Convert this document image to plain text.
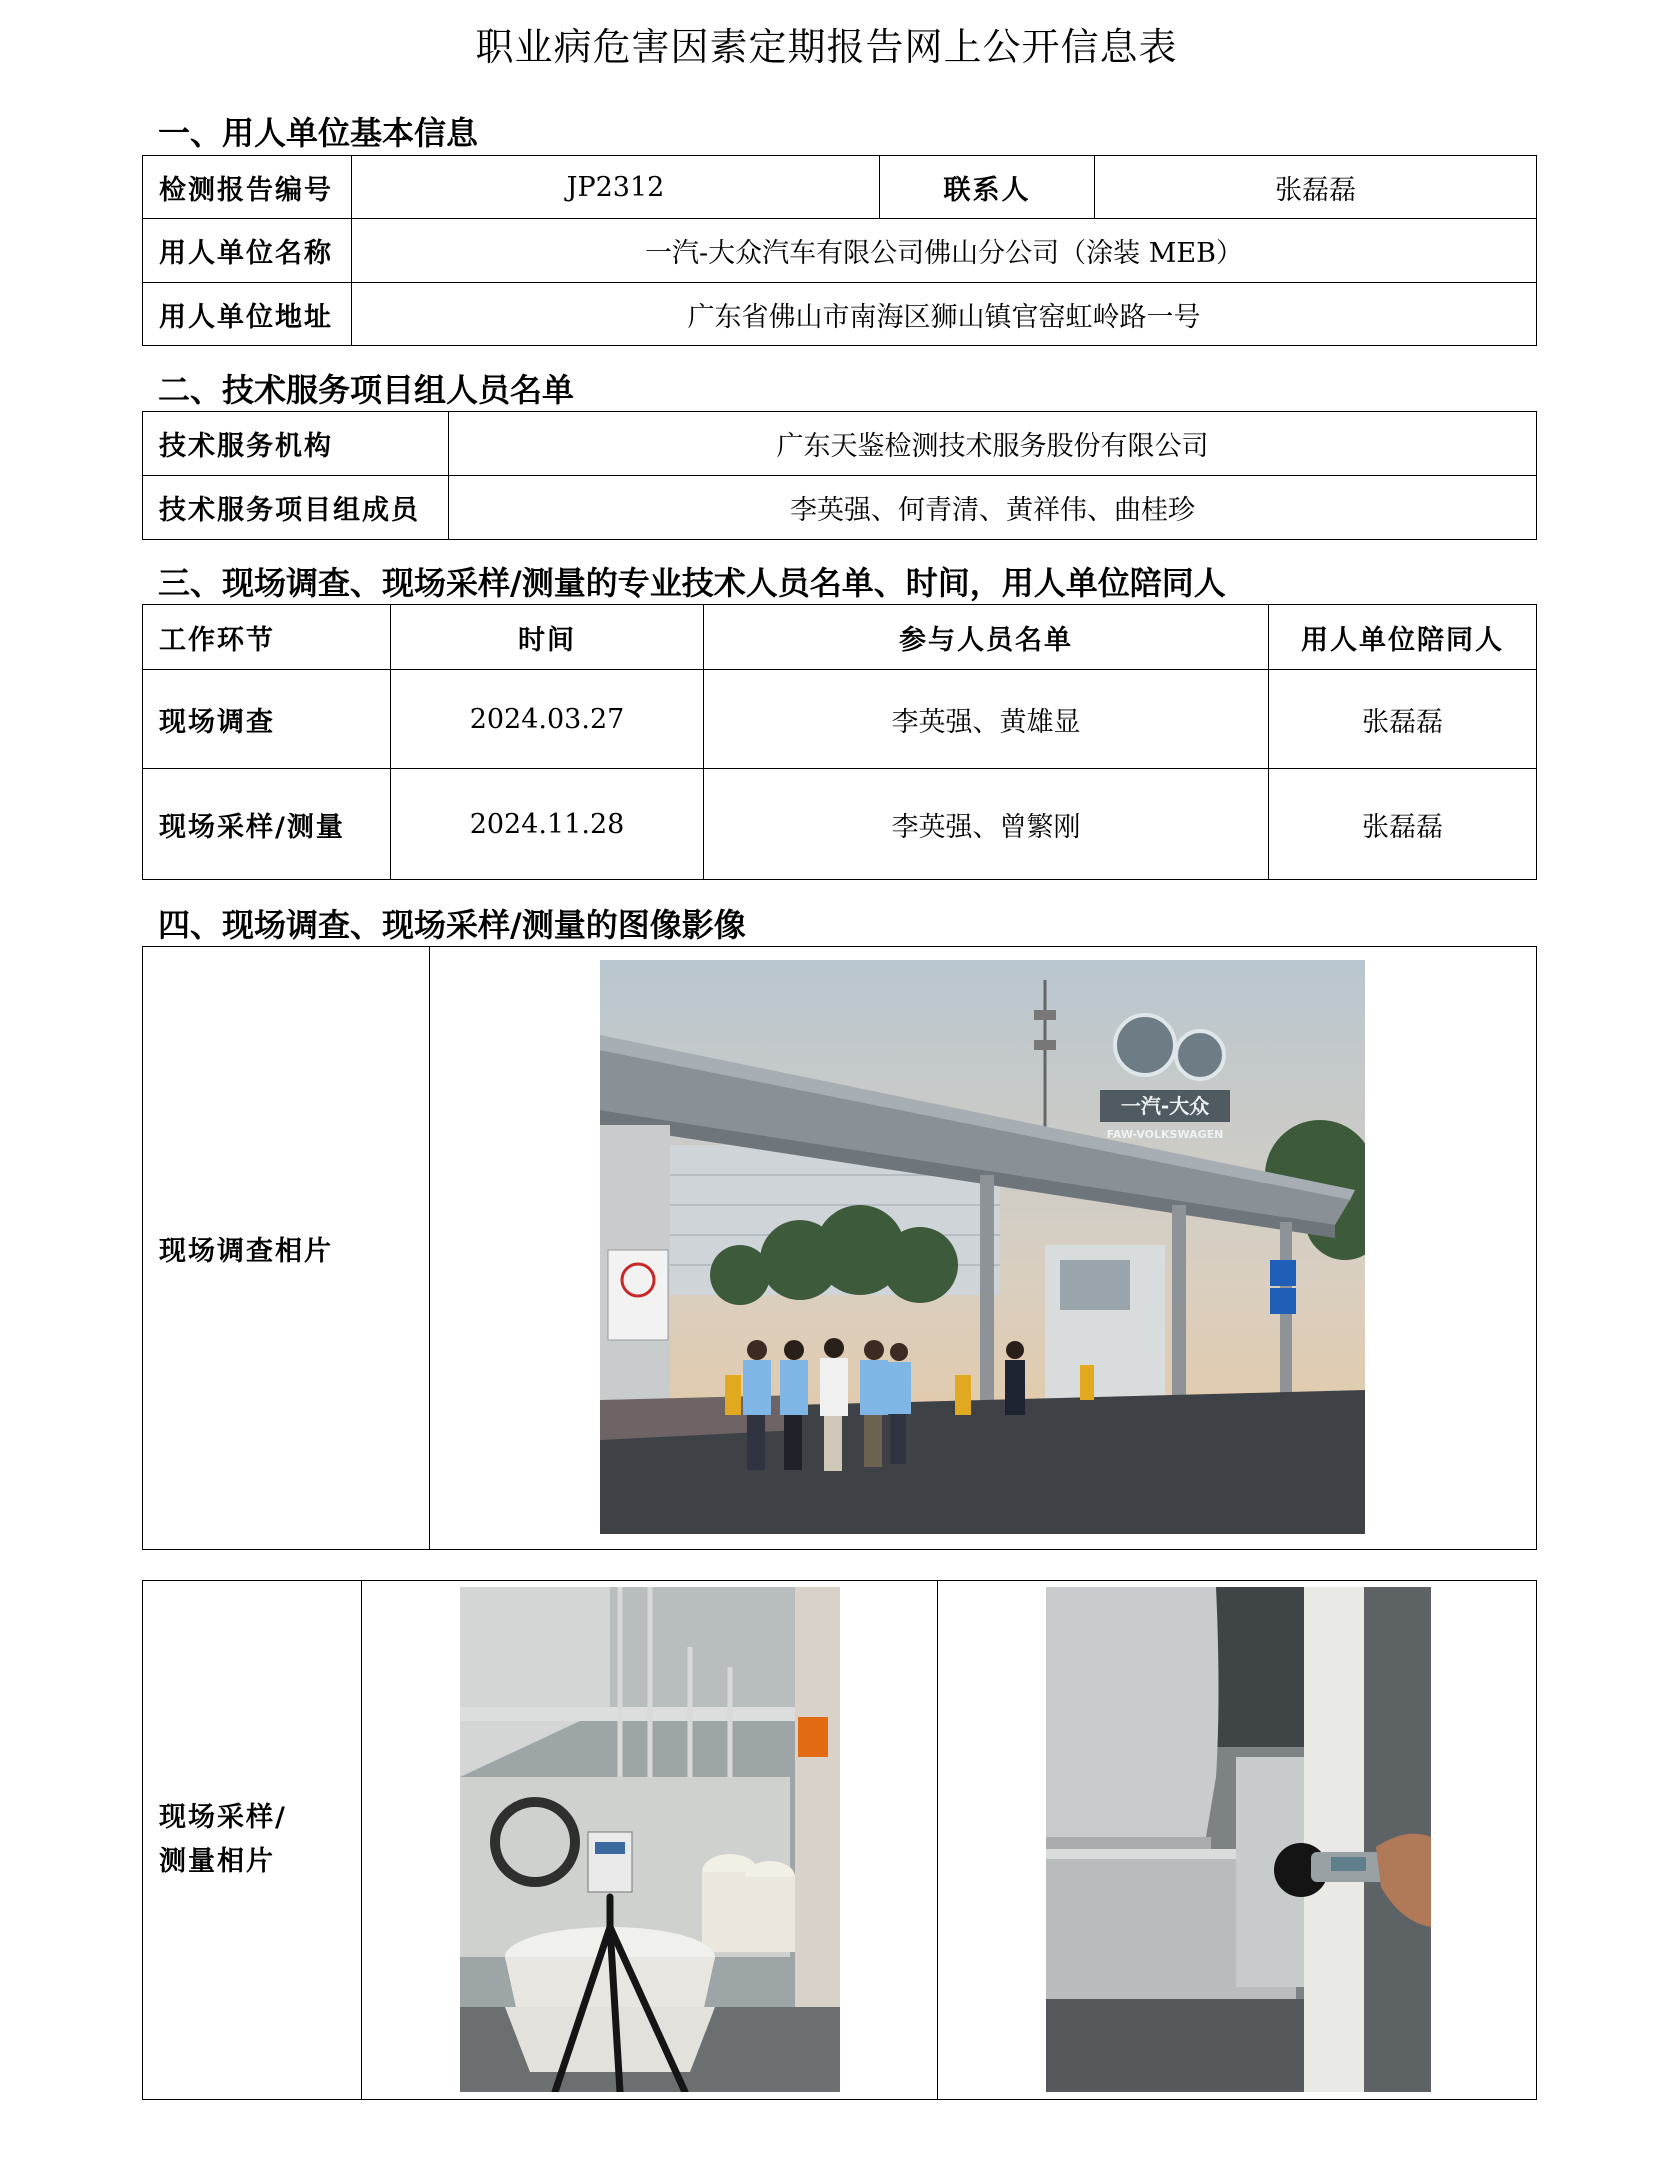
职业病危害因素定期报告网上公开信息表
一、用人单位基本信息
检测报告编号	JP2312	联系人	张磊磊
用人单位名称	一汽-大众汽车有限公司佛山分公司（涂装 MEB）		
用人单位地址	广东省佛山市南海区狮山镇官窑虹岭路一号		
二、技术服务项目组人员名单
技术服务机构	广东天鉴检测技术服务股份有限公司
技术服务项目组成员	李英强、何青清、黄祥伟、曲桂珍
三、现场调查、现场采样/测量的专业技术人员名单、时间，用人单位陪同人
工作环节	时间	参与人员名单	用人单位陪同人
现场调查	2024.03.27	李英强、黄雄显	张磊磊
现场采样/测量	2024.11.28	李英强、曾繁刚	张磊磊
四、现场调查、现场采样/测量的图像影像
现场调查相片	
现场采样/
测量相片

一汽-大众
FAW-VOLKSWAGEN
